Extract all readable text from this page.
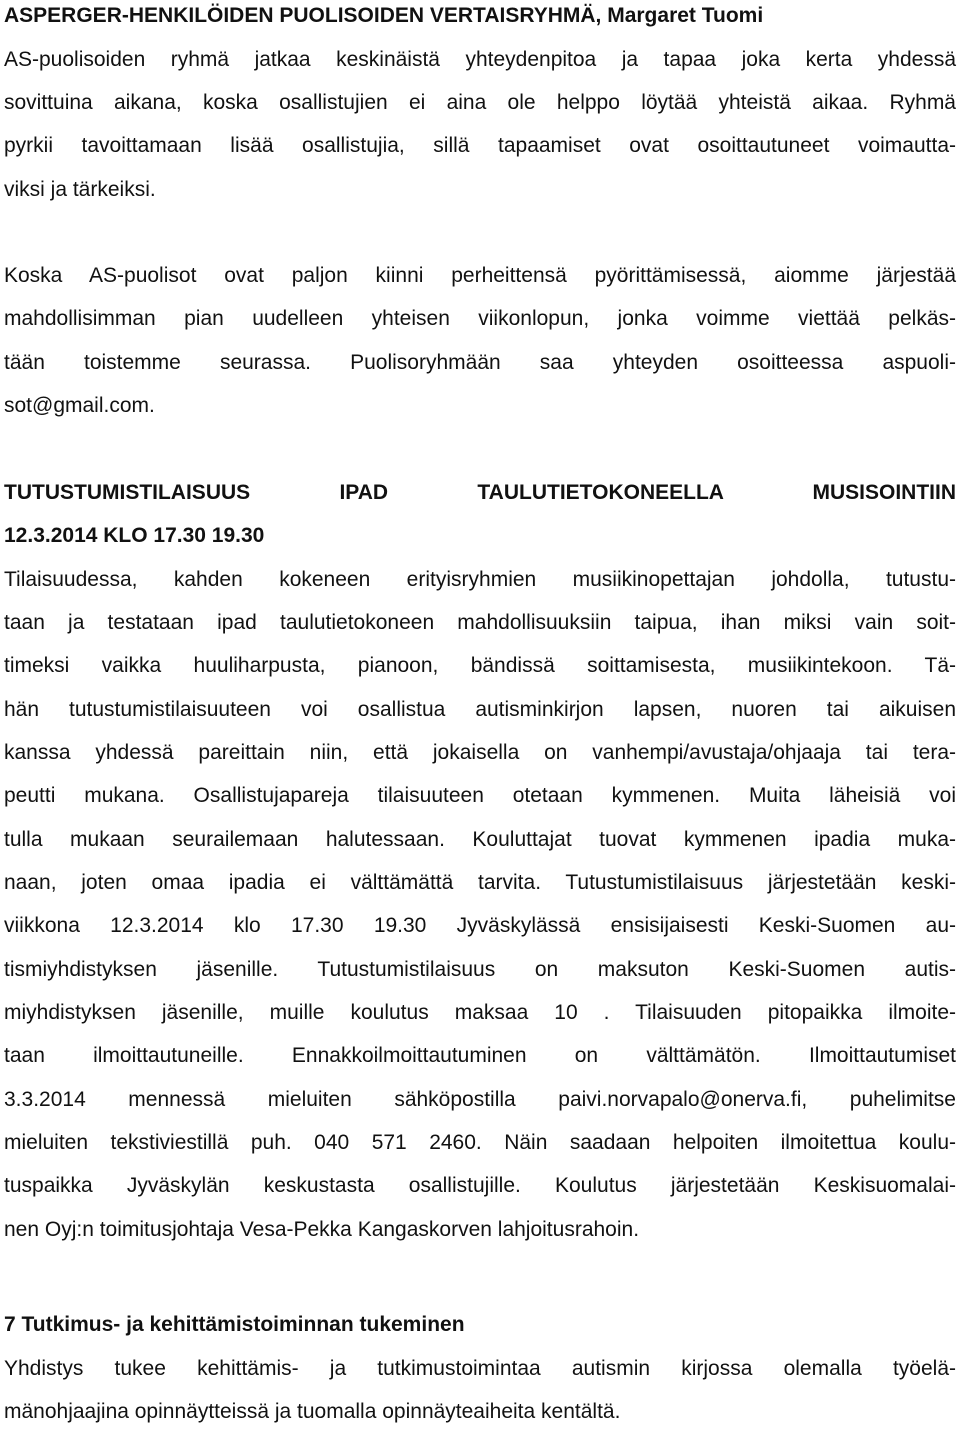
ASPERGER-HENKILÖIDEN PUOLISOIDEN VERTAISRYHMÄ, Margaret Tuomi

AS-puolisoiden ryhmä jatkaa keskinäistä yhteydenpitoa ja tapaa joka kerta yhdessä

sovittuina aikana, koska osallistujien ei aina ole helppo löytää yhteistä aikaa. Ryhmä

pyrkii tavoittamaan lisää osallistujia, sillä tapaamiset ovat osoittautuneet voimautta-

viksi ja tärkeiksi.

Koska AS-puolisot ovat paljon kiinni perheittensä pyörittämisessä, aiomme järjestää

mahdollisimman pian uudelleen yhteisen viikonlopun, jonka voimme viettää pelkäs-

tään toistemme seurassa. Puolisoryhmään saa yhteyden osoitteessa aspuoli-

sot@gmail.com.

TUTUSTUMISTILAISUUS IPAD TAULUTIETOKONEELLA MUSISOINTIIN

12.3.2014 KLO 17.30 19.30

Tilaisuudessa, kahden kokeneen erityisryhmien musiikinopettajan johdolla, tutustu-

taan ja testataan ipad taulutietokoneen mahdollisuuksiin taipua, ihan miksi vain soit-

timeksi vaikka huuliharpusta, pianoon, bändissä soittamisesta, musiikintekoon. Tä-

hän tutustumistilaisuuteen voi osallistua autisminkirjon lapsen, nuoren tai aikuisen

kanssa yhdessä pareittain niin, että jokaisella on vanhempi/avustaja/ohjaaja tai tera-

peutti mukana. Osallistujapareja tilaisuuteen otetaan kymmenen. Muita läheisiä voi

tulla mukaan seurailemaan halutessaan. Kouluttajat tuovat kymmenen ipadia muka-

naan, joten omaa ipadia ei välttämättä tarvita. Tutustumistilaisuus järjestetään keski-

viikkona 12.3.2014 klo 17.30 19.30 Jyväskylässä ensisijaisesti Keski-Suomen au-

tismiyhdistyksen jäsenille. Tutustumistilaisuus on maksuton Keski-Suomen autis-

miyhdistyksen jäsenille, muille koulutus maksaa 10 . Tilaisuuden pitopaikka ilmoite-

taan ilmoittautuneille. Ennakkoilmoittautuminen on välttämätön. Ilmoittautumiset

3.3.2014 mennessä mieluiten sähköpostilla paivi.norvapalo@onerva.fi, puhelimitse

mieluiten tekstiviestillä puh. 040 571 2460. Näin saadaan helpoiten ilmoitettua koulu-

tuspaikka Jyväskylän keskustasta osallistujille. Koulutus järjestetään Keskisuomalai-

nen Oyj:n toimitusjohtaja Vesa-Pekka Kangaskorven lahjoitusrahoin.

7 Tutkimus- ja kehittämistoiminnan tukeminen

Yhdistys tukee kehittämis- ja tutkimustoimintaa autismin kirjossa olemalla työelä-

mänohjaajina opinnäytteissä ja tuomalla opinnäyteaiheita kentältä.
